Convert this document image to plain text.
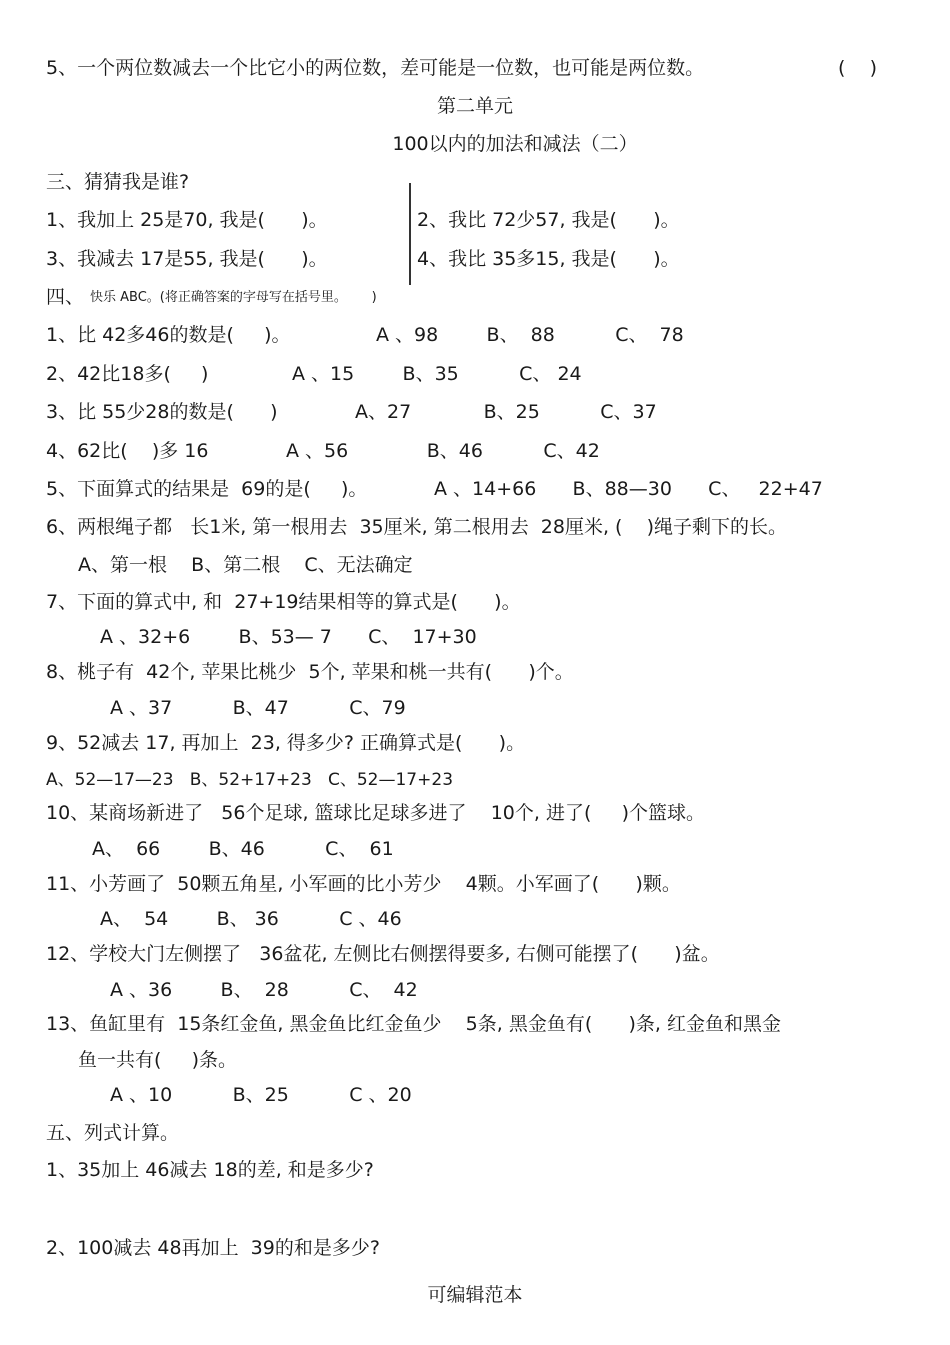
5、一个两位数减去一个比它小的两位数，差可能是一位数，也可能是两位数。	(    )
第二单元
100以内的加法和减法（二）
三、猜猜我是谁?
1、我加上 25是70, 我是(      )。	2、我比 72少57, 我是(      )。
3、我减去 17是55, 我是(      )。	4、我比 35多15, 我是(      )。
四、 快乐 ABC。(将正确答案的字母写在括号里。      )
1、比 42多46的数是(     )。	A 、98        B、  88          C、  78
2、42比18多(     )	A 、15        B、35          C、 24
3、比 55少28的数是(      )	A、27            B、25          C、37
4、62比(    )多 16	A 、56             B、46          C、42
5、下面算式的结果是  69的是(     )。	A 、14+66      B、88—30      C、   22+47
6、两根绳子都   长1米, 第一根用去  35厘米, 第二根用去  28厘米, (    )绳子剩下的长。
A、第一根    B、第二根    C、无法确定
7、下面的算式中, 和  27+19结果相等的算式是(      )。
A 、32+6        B、53— 7      C、  17+30
8、桃子有  42个, 苹果比桃少  5个, 苹果和桃一共有(      )个。
A 、37          B、47          C、79
9、52减去 17, 再加上  23, 得多少? 正确算式是(      )。
A、52—17—23   B、52+17+23   C、52—17+23
10、某商场新进了   56个足球, 篮球比足球多进了    10个, 进了(     )个篮球。
A、  66        B、46          C、  61
11、小芳画了  50颗五角星, 小军画的比小芳少    4颗。小军画了(      )颗。
A、  54        B、 36          C 、46
12、学校大门左侧摆了   36盆花, 左侧比右侧摆得要多, 右侧可能摆了(      )盆。
A 、36        B、  28          C、  42
13、鱼缸里有  15条红金鱼, 黑金鱼比红金鱼少    5条, 黑金鱼有(      )条, 红金鱼和黑金
鱼一共有(     )条。
A 、10          B、25          C 、20
五、列式计算。
1、35加上 46减去 18的差, 和是多少?
2、100减去 48再加上  39的和是多少?
可编辑范本
